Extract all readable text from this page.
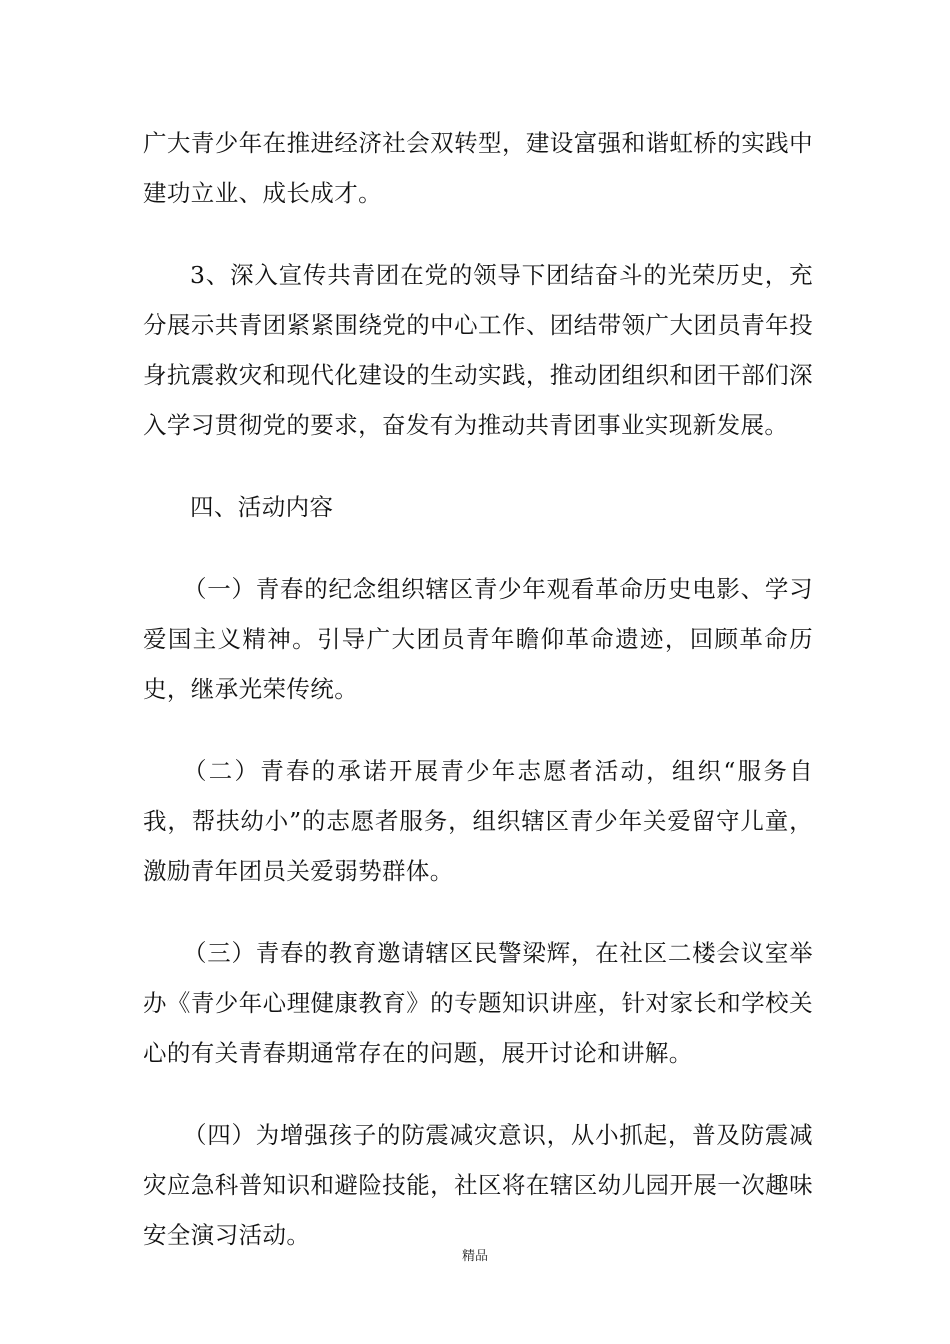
广大青少年在推进经济社会双转型，建设富强和谐虹桥的实践中建功立业、成长成才。

3、深入宣传共青团在党的领导下团结奋斗的光荣历史，充分展示共青团紧紧围绕党的中心工作、团结带领广大团员青年投身抗震救灾和现代化建设的生动实践，推动团组织和团干部们深入学习贯彻党的要求，奋发有为推动共青团事业实现新发展。

四、活动内容

（一）青春的纪念组织辖区青少年观看革命历史电影、学习爱国主义精神。引导广大团员青年瞻仰革命遗迹，回顾革命历史，继承光荣传统。

（二）青春的承诺开展青少年志愿者活动，组织“服务自我，帮扶幼小”的志愿者服务，组织辖区青少年关爱留守儿童，激励青年团员关爱弱势群体。

（三）青春的教育邀请辖区民警梁辉，在社区二楼会议室举办《青少年心理健康教育》的专题知识讲座，针对家长和学校关心的有关青春期通常存在的问题，展开讨论和讲解。

（四）为增强孩子的防震减灾意识，从小抓起，普及防震减灾应急科普知识和避险技能，社区将在辖区幼儿园开展一次趣味安全演习活动。

精品
